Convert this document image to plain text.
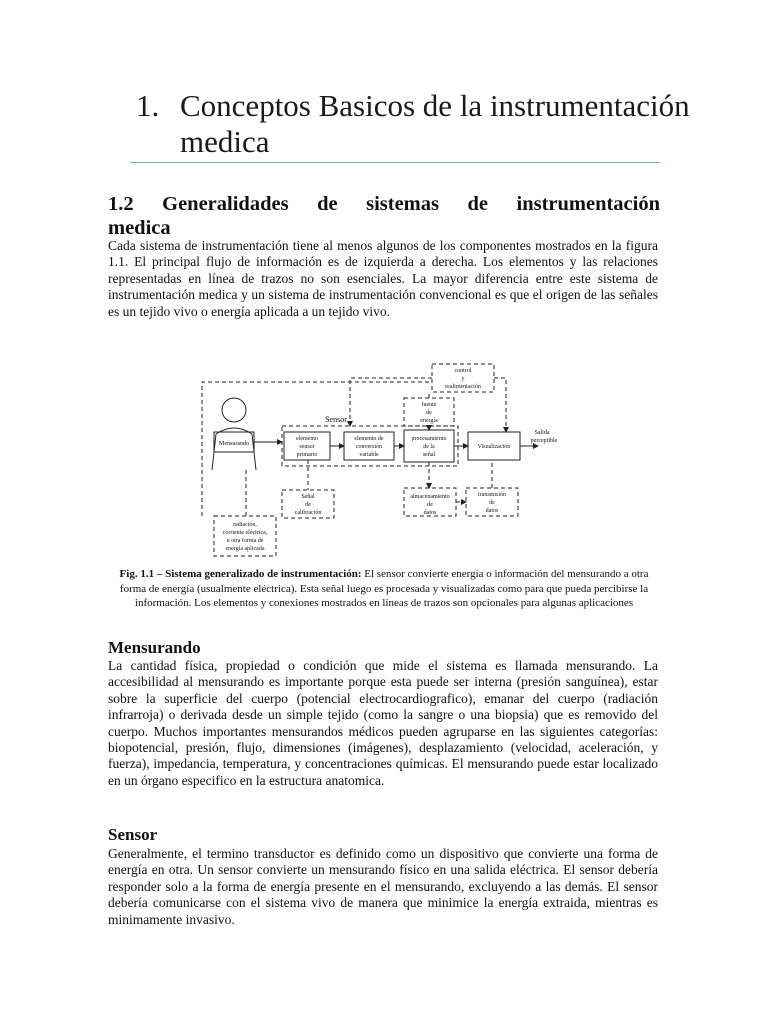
1. Conceptos Basicos de la instrumentación medica
1.2 Generalidades de sistemas de instrumentación
medica
Cada sistema de instrumentación tiene al menos algunos de los componentes mostrados en la figura 1.1. El principal flujo de información es de izquierda a derecha. Los elementos y las relaciones representadas en línea de trazos no son esenciales. La mayor diferencia entre este sistema de instrumentación medica y un sistema de instrumentación convencional es que el origen de las señales es un tejido vivo o energía aplicada a un tejido vivo.
control
y
realimentación
fuente
de
energía
Sensor
Mensurando
elemento
sensor
primario
elemento de
conversión
variable
procesamiento
de la
señal
Visualización
Salida
perceptible
Señal
de
calibración
almacenamiento
de
datos
transmisión
de
datos
radiación,
corriente eléctrica,
u otra forma de
energía aplicada
Fig. 1.1 – Sistema generalizado de instrumentación: El sensor convierte energía o información del mensurando a otra forma de energía (usualmente eléctrica). Esta señal luego es procesada y visualizadas como para que pueda percibirse la información. Los elementos y conexiones mostrados en líneas de trazos son opcionales para algunas aplicaciones
Mensurando
La cantidad física, propiedad o condición que mide el sistema es llamada mensurando. La accesibilidad al mensurando es importante porque esta puede ser interna (presión sanguínea), estar sobre la superficie del cuerpo (potencial electrocardiografico), emanar del cuerpo (radiación infrarroja) o derivada desde un simple tejido (como la sangre o una biopsia) que es removido del cuerpo. Muchos importantes mensurandos médicos pueden agruparse en las siguientes categorías: biopotencial, presión, flujo, dimensiones (imágenes), desplazamiento (velocidad, aceleración, y fuerza), impedancia, temperatura, y concentraciones químicas. El mensurando puede estar localizado en un órgano especifico en la estructura anatomica.
Sensor
Generalmente, el termino transductor es definido como un dispositivo que convierte una forma de energía en otra. Un sensor convierte un mensurando físico en una salida eléctrica. El sensor debería responder solo a la forma de energía presente en el mensurando, excluyendo a las demás. El sensor debería comunicarse con el sistema vivo de manera que minimice la energía extraida, mientras es minimamente invasivo.
